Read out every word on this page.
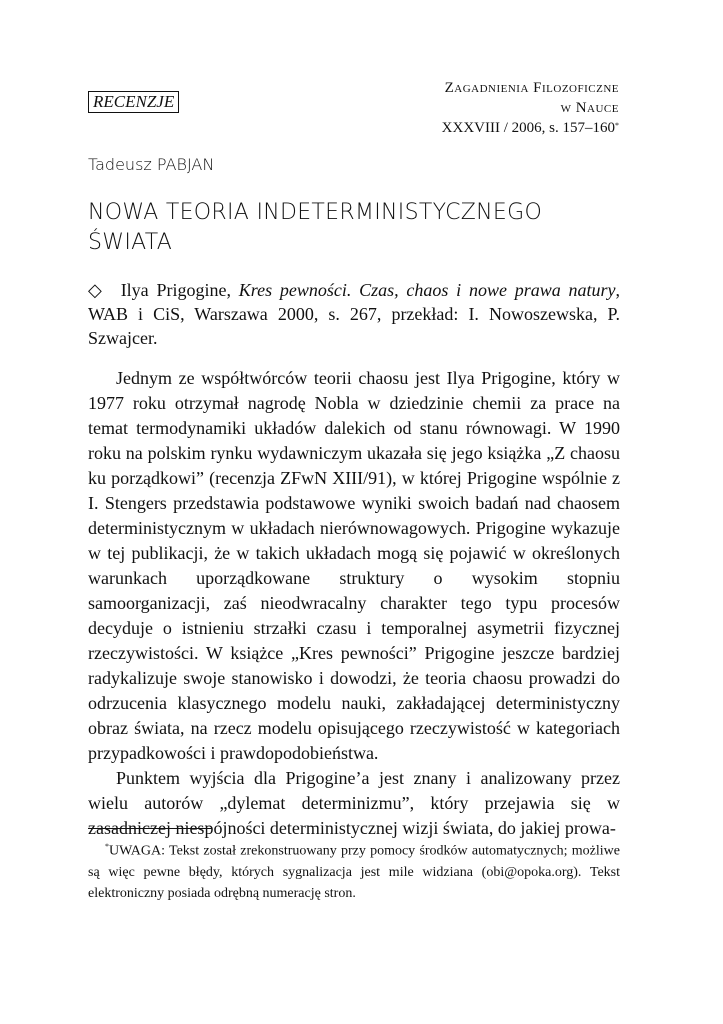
RECENZJE
Zagadnienia Filozoficzne
w Nauce
XXXVIII / 2006, s. 157–160*
Tadeusz PABJAN
NOWA TEORIA INDETERMINISTYCZNEGO ŚWIATA
◇ Ilya Prigogine, Kres pewności. Czas, chaos i nowe prawa natury, WAB i CiS, Warszawa 2000, s. 267, przekład: I. Nowoszewska, P. Szwajcer.

Jednym ze współtwórców teorii chaosu jest Ilya Prigogine, który w 1977 roku otrzymał nagrodę Nobla w dziedzinie chemii za prace na temat termodynamiki układów dalekich od stanu równowagi. W 1990 roku na polskim rynku wydawniczym ukazała się jego książka „Z chaosu ku porządkowi” (recenzja ZFwN XIII/91), w której Prigogine wspólnie z I. Stengers przedstawia podstawowe wyniki swoich badań nad chaosem deterministycznym w układach nierównowagowych. Prigogine wykazuje w tej publikacji, że w takich układach mogą się pojawić w określonych warunkach uporządkowane struktury o wysokim stopniu samoorganizacji, zaś nieodwracalny charakter tego typu procesów decyduje o istnieniu strzałki czasu i temporalnej asymetrii fizycznej rzeczywistości. W książce „Kres pewności” Prigogine jeszcze bardziej radykalizuje swoje stanowisko i dowodzi, że teoria chaosu prowadzi do odrzucenia klasycznego modelu nauki, zakładającej deterministyczny obraz świata, na rzecz modelu opisującego rzeczywistość w kategoriach przypadkowości i prawdopodobieństwa.

Punktem wyjścia dla Prigogine’a jest znany i analizowany przez wielu autorów „dylemat determinizmu”, który przejawia się w zasadniczej niespójności deterministycznej wizji świata, do jakiej prowa-

*UWAGA: Tekst został zrekonstruowany przy pomocy środków automatycznych; możliwe są więc pewne błędy, których sygnalizacja jest mile widziana (obi@opoka.org). Tekst elektroniczny posiada odrębną numerację stron.
